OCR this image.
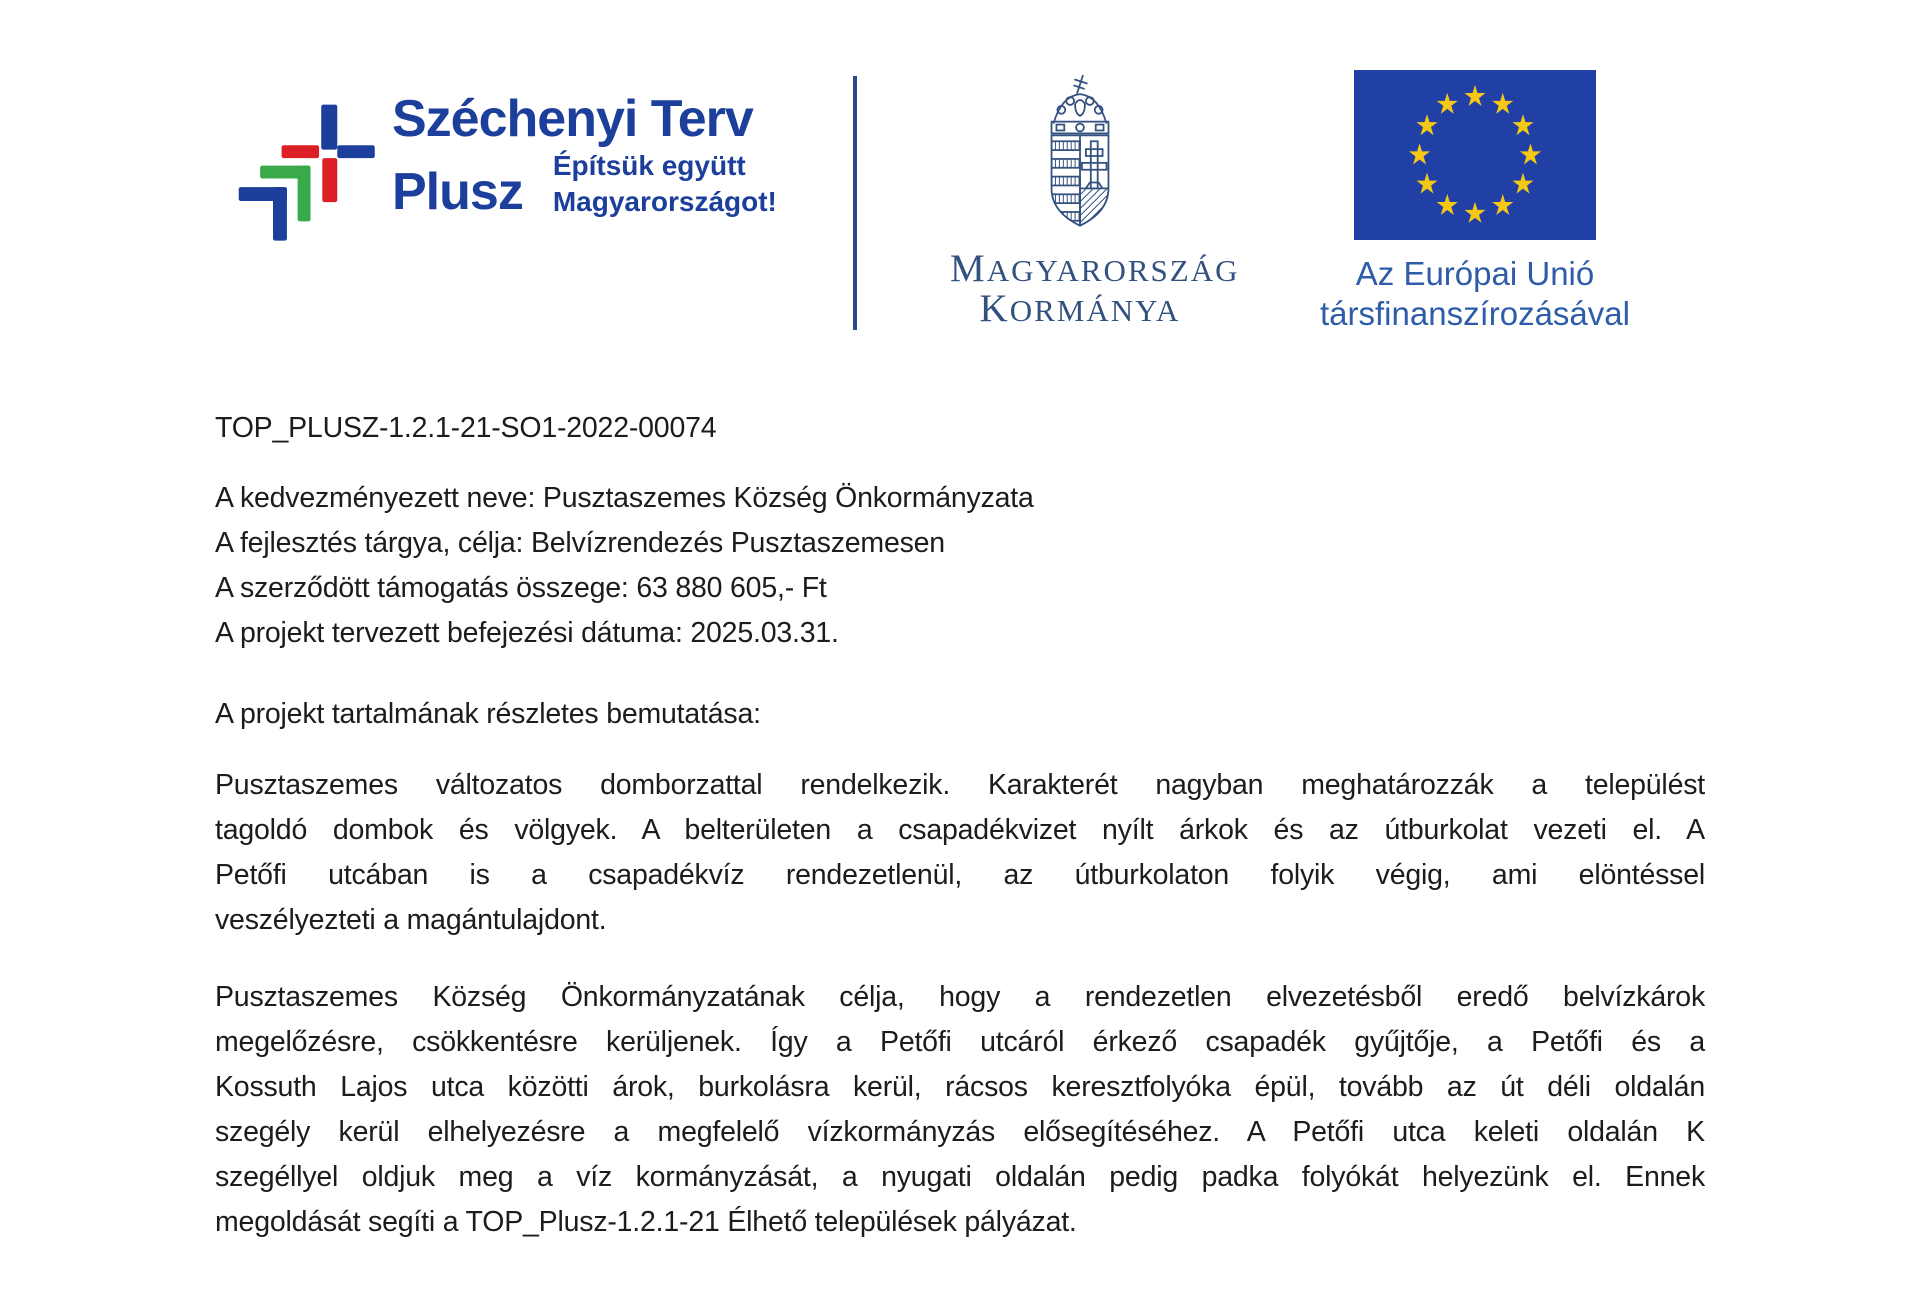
Széchenyi Terv
Plusz Építsük együtt
Magyarországot!
MAGYARORSZÁG
KORMÁNYA
Az Európai Unió
társfinanszírozásával
TOP_PLUSZ-1.2.1-21-SO1-2022-00074
A kedvezményezett neve: Pusztaszemes Község Önkormányzata
A fejlesztés tárgya, célja: Belvízrendezés Pusztaszemesen
A szerződött támogatás összege: 63 880 605,- Ft
A projekt tervezett befejezési dátuma: 2025.03.31.
A projekt tartalmának részletes bemutatása:
Pusztaszemes változatos domborzattal rendelkezik. Karakterét nagyban meghatározzák a települést
tagoldó dombok és völgyek. A belterületen a csapadékvizet nyílt árkok és az útburkolat vezeti el. A
Petőfi utcában is a csapadékvíz rendezetlenül, az útburkolaton folyik végig, ami elöntéssel
veszélyezteti a magántulajdont.
Pusztaszemes Község Önkormányzatának célja, hogy a rendezetlen elvezetésből eredő belvízkárok
megelőzésre, csökkentésre kerüljenek. Így a Petőfi utcáról érkező csapadék gyűjtője, a Petőfi és a
Kossuth Lajos utca közötti árok, burkolásra kerül, rácsos keresztfolyóka épül, tovább az út déli oldalán
szegély kerül elhelyezésre a megfelelő vízkormányzás elősegítéséhez. A Petőfi utca keleti oldalán K
szegéllyel oldjuk meg a víz kormányzását, a nyugati oldalán pedig padka folyókát helyezünk el. Ennek
megoldását segíti a TOP_Plusz-1.2.1-21 Élhető települések pályázat.
